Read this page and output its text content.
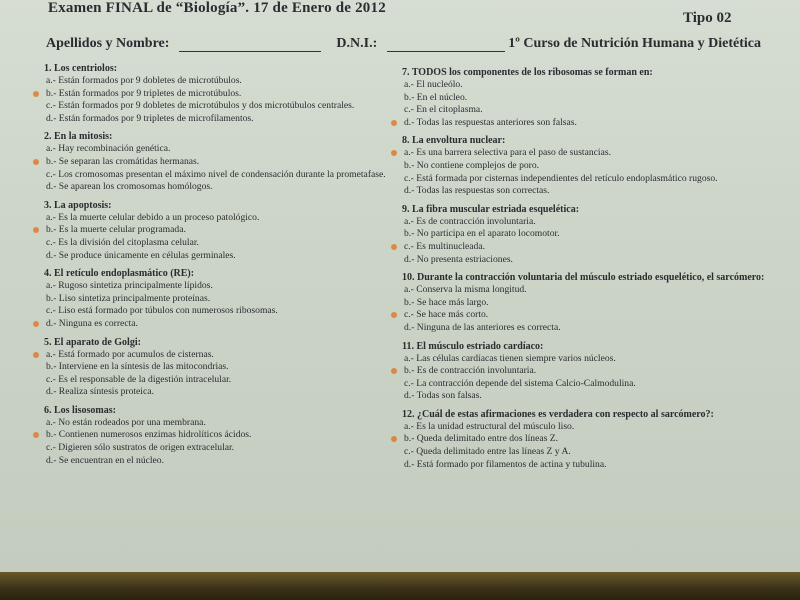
Examen FINAL de “Biología”. 17 de Enero de 2012
Tipo 02
Apellidos y Nombre:	D.N.I.:	1º Curso de Nutrición Humana y Dietética
1. Los centriolos:
a.- Están formados por 9 dobletes de microtúbulos.
b.- Están formados por 9 tripletes de microtúbulos.
c.- Están formados por 9 dobletes de microtúbulos y dos microtúbulos centrales.
d.- Están formados por 9 tripletes de microfilamentos.
2. En la mitosis:
a.- Hay recombinación genética.
b.- Se separan las cromátidas hermanas.
c.- Los cromosomas presentan el máximo nivel de condensación durante la prometafase.
d.- Se aparean los cromosomas homólogos.
3. La apoptosis:
a.- Es la muerte celular debido a un proceso patológico.
b.- Es la muerte celular programada.
c.- Es la división del citoplasma celular.
d.- Se produce únicamente en células germinales.
4. El retículo endoplasmático (RE):
a.- Rugoso sintetiza principalmente lípidos.
b.- Liso sintetiza principalmente proteínas.
c.- Liso está formado por túbulos con numerosos ribosomas.
d.- Ninguna es correcta.
5. El aparato de Golgi:
a.- Está formado por acumulos de cisternas.
b.- Interviene en la síntesis de las mitocondrias.
c.- Es el responsable de la digestión intracelular.
d.- Realiza síntesis proteica.
6. Los lisosomas:
a.- No están rodeados por una membrana.
b.- Contienen numerosos enzimas hidrolíticos ácidos.
c.- Digieren sólo sustratos de origen extracelular.
d.- Se encuentran en el núcleo.
7. TODOS los componentes de los ribosomas se forman en:
a.- El nucleólo.
b.- En el núcleo.
c.- En el citoplasma.
d.- Todas las respuestas anteriores son falsas.
8. La envoltura nuclear:
a.- Es una barrera selectiva para el paso de sustancias.
b.- No contiene complejos de poro.
c.- Está formada por cisternas independientes del retículo endoplasmático rugoso.
d.- Todas las respuestas son correctas.
9. La fibra muscular estriada esquelética:
a.- Es de contracción involuntaria.
b.- No participa en el aparato locomotor.
c.- Es multinucleada.
d.- No presenta estriaciones.
10. Durante la contracción voluntaria del músculo estriado esquelético, el sarcómero:
a.- Conserva la misma longitud.
b.- Se hace más largo.
c.- Se hace más corto.
d.- Ninguna de las anteriores es correcta.
11. El músculo estriado cardíaco:
a.- Las células cardíacas tienen siempre varios núcleos.
b.- Es de contracción involuntaria.
c.- La contracción depende del sistema Calcio-Calmodulina.
d.- Todas son falsas.
12. ¿Cuál de estas afirmaciones es verdadera con respecto al sarcómero?:
a.- Es la unidad estructural del músculo liso.
b.- Queda delimitado entre dos líneas Z.
c.- Queda delimitado entre las líneas Z y A.
d.- Está formado por filamentos de actina y tubulina.
